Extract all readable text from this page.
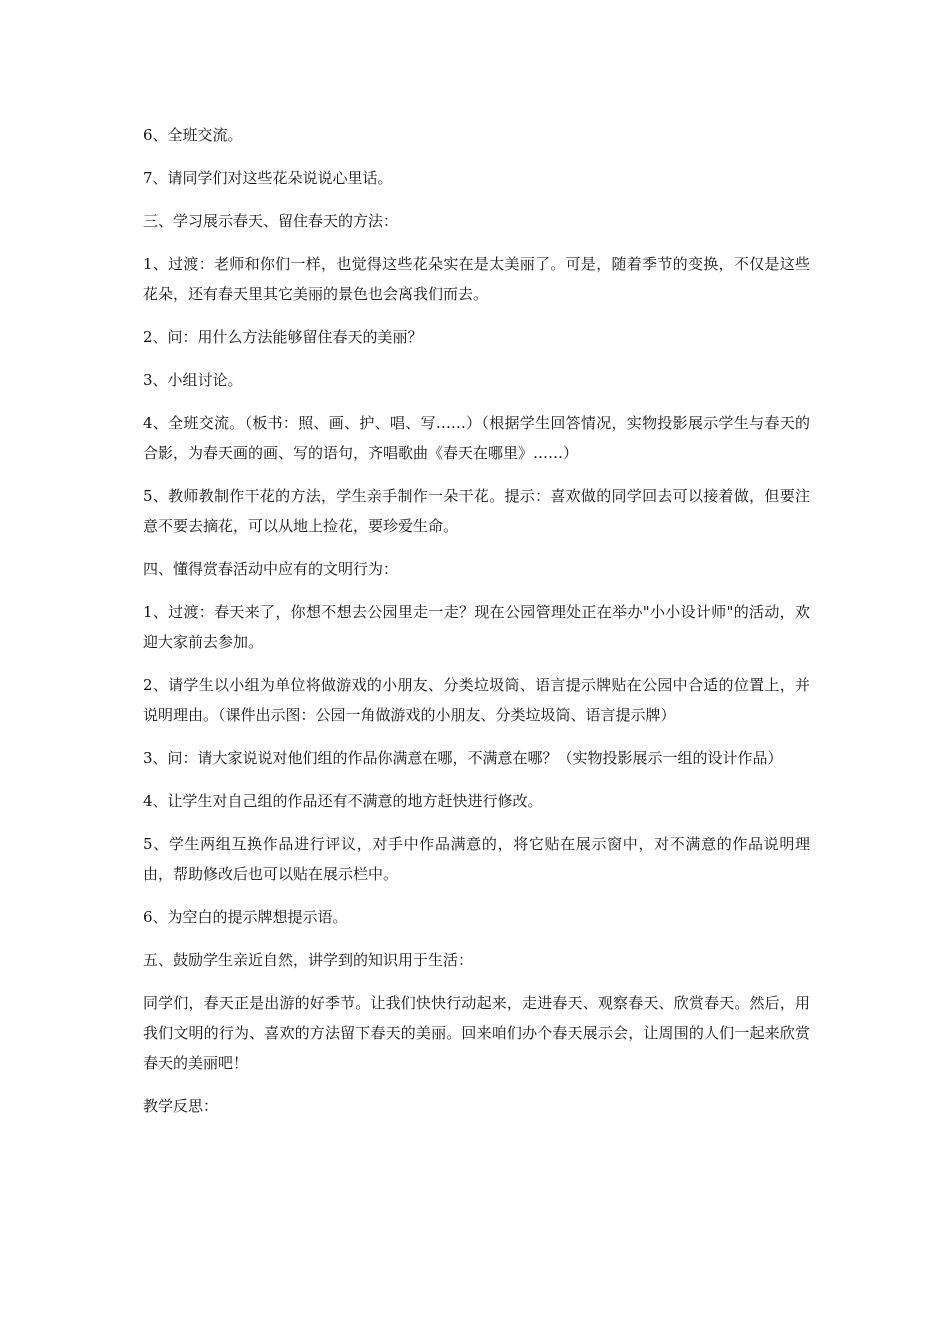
6、全班交流。

7、请同学们对这些花朵说说心里话。

三、学习展示春天、留住春天的方法：

1、过渡：老师和你们一样，也觉得这些花朵实在是太美丽了。可是，随着季节的变换，不仅是这些花朵，还有春天里其它美丽的景色也会离我们而去。

2、问：用什么方法能够留住春天的美丽？

3、小组讨论。

4、全班交流。（板书：照、画、护、唱、写……）（根据学生回答情况，实物投影展示学生与春天的合影，为春天画的画、写的语句，齐唱歌曲《春天在哪里》……）

5、教师教制作干花的方法，学生亲手制作一朵干花。提示：喜欢做的同学回去可以接着做，但要注意不要去摘花，可以从地上捡花，要珍爱生命。

四、懂得赏春活动中应有的文明行为：

1、过渡：春天来了，你想不想去公园里走一走？现在公园管理处正在举办"小小设计师"的活动，欢迎大家前去参加。

2、请学生以小组为单位将做游戏的小朋友、分类垃圾筒、语言提示牌贴在公园中合适的位置上，并说明理由。（课件出示图：公园一角做游戏的小朋友、分类垃圾筒、语言提示牌）

3、问：请大家说说对他们组的作品你满意在哪，不满意在哪？（实物投影展示一组的设计作品）

4、让学生对自己组的作品还有不满意的地方赶快进行修改。

5、学生两组互换作品进行评议，对手中作品满意的，将它贴在展示窗中，对不满意的作品说明理由，帮助修改后也可以贴在展示栏中。

6、为空白的提示牌想提示语。

五、鼓励学生亲近自然，讲学到的知识用于生活：

同学们，春天正是出游的好季节。让我们快快行动起来，走进春天、观察春天、欣赏春天。然后，用我们文明的行为、喜欢的方法留下春天的美丽。回来咱们办个春天展示会，让周围的人们一起来欣赏春天的美丽吧！

教学反思：
